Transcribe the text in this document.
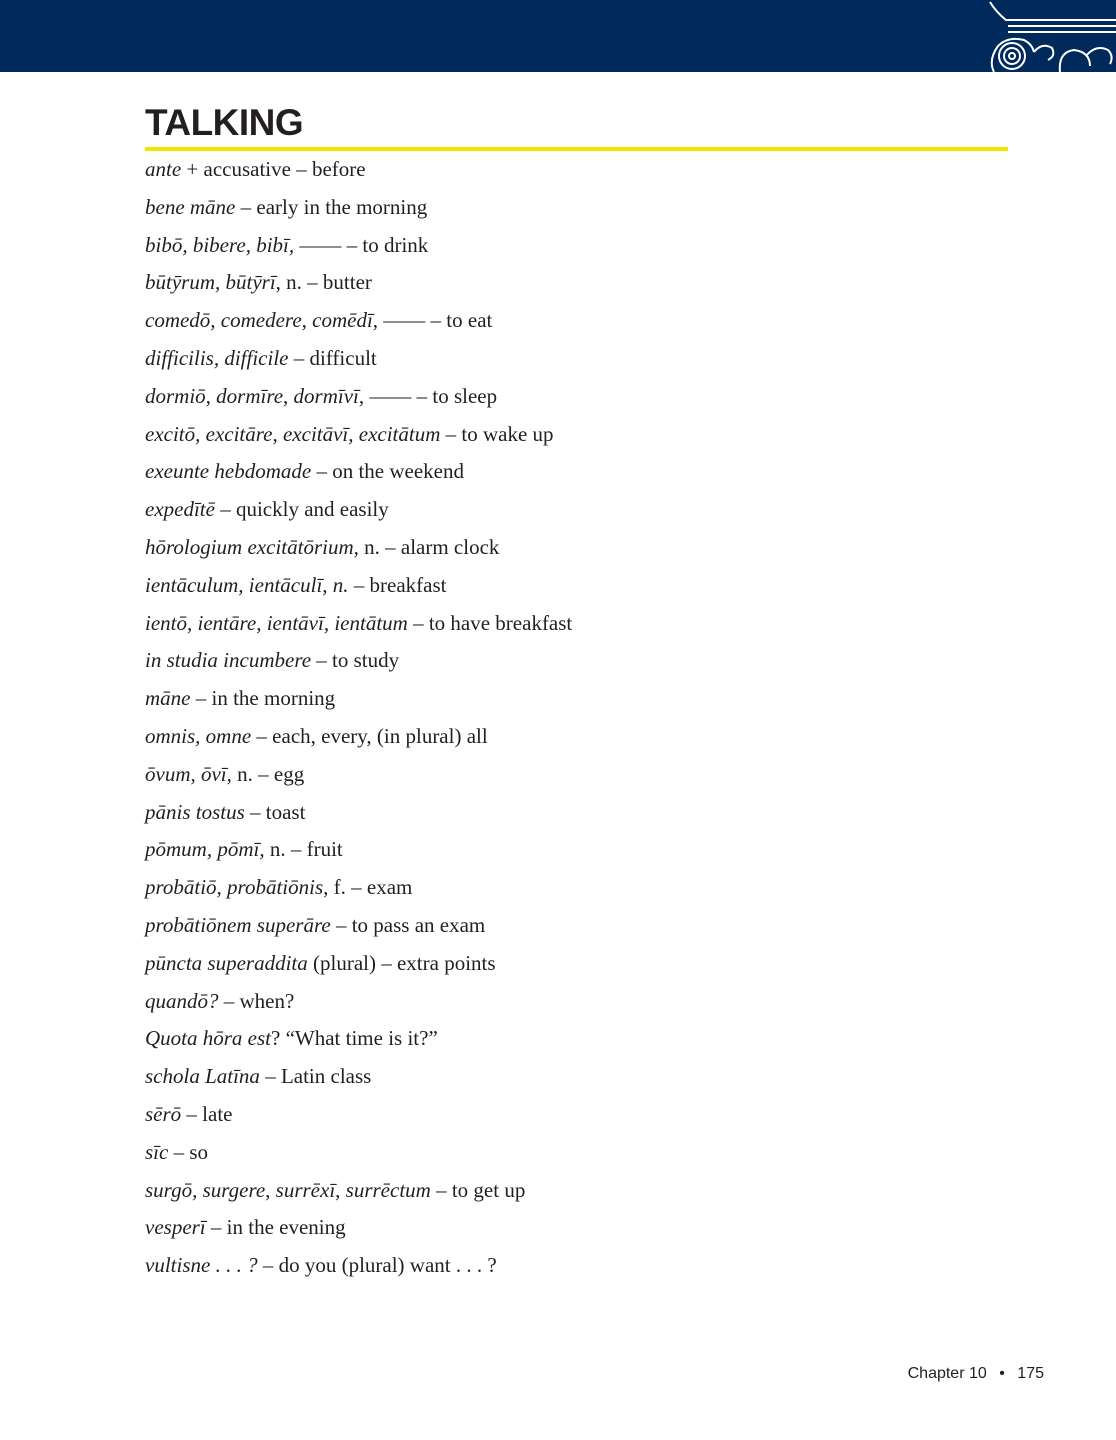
TALKING
ante + accusative – before
bene māne – early in the morning
bibō, bibere, bibī, —— – to drink
būtȳrum, būtȳrī, n. – butter
comedō, comedere, comēdī, —— – to eat
difficilis, difficile – difficult
dormiō, dormīre, dormīvī, —— – to sleep
excitō, excitāre, excitāvī, excitātum – to wake up
exeunte hebdomade – on the weekend
expedītē – quickly and easily
hōrologium excitātōrium, n. – alarm clock
ientāculum, ientāculī, n. – breakfast
ientō, ientāre, ientāvī, ientātum – to have breakfast
in studia incumbere – to study
māne – in the morning
omnis, omne – each, every, (in plural) all
ōvum, ōvī, n. – egg
pānis tostus – toast
pōmum, pōmī, n. – fruit
probātiō, probātiōnis, f. – exam
probātiōnem superāre – to pass an exam
pūncta superaddita (plural) – extra points
quandō? – when?
Quota hōra est? “What time is it?”
schola Latīna – Latin class
sērō – late
sīc – so
surgō, surgere, surrēxī, surrēctum – to get up
vesperī – in the evening
vultisne . . . ? – do you (plural) want . . . ?
Chapter 10 • 175
